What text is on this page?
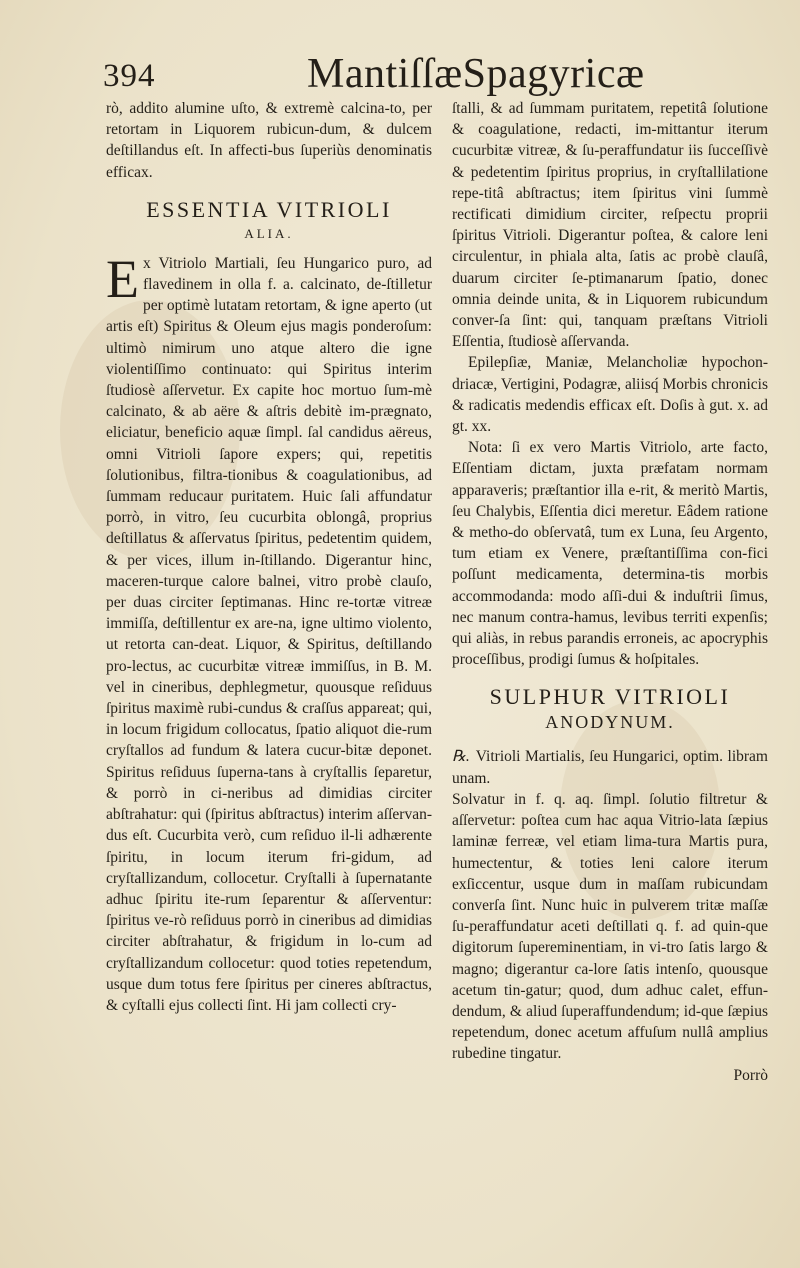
394	MantiſſæSpagyricæ

rò, addito alumine uſto, & extremè calcina-to, per retortam in Liquorem rubicun-dum, & dulcem deſtillandus eſt. In affecti-bus ſuperiùs denominatis efficax.

ESSENTIA VITRIOLI
ALIA.

E x Vitriolo Martiali, ſeu Hungarico puro, ad flavedinem in olla f. a. calcinato, de-ſtilletur per optimè lutatam retortam, & igne aperto (ut artis eſt) Spiritus & Oleum ejus magis ponderoſum: ultimò nimirum uno atque altero die igne violentiſſimo continuato: qui Spiritus interim ſtudiosè aſſervetur. Ex capite hoc mortuo ſum-mè calcinato, & ab aëre & aſtris debitè im-prægnato, eliciatur, beneficio aquæ ſimpl. ſal candidus aëreus, omni Vitrioli ſapore expers; qui, repetitis ſolutionibus, filtra-tionibus & coagulationibus, ad ſummam reducaur puritatem. Huic ſali affundatur porrò, in vitro, ſeu cucurbita oblongâ, proprius deſtillatus & aſſervatus ſpiritus, pedetentim quidem, & per vices, illum in-ſtillando. Digerantur hinc, maceren-turque calore balnei, vitro probè clauſo, per duas circiter ſeptimanas. Hinc re-tortæ vitreæ immiſſa, deſtillentur ex are-na, igne ultimo violento, ut retorta can-deat. Liquor, & Spiritus, deſtillando pro-lectus, ac cucurbitæ vitreæ immiſſus, in B. M. vel in cineribus, dephlegmetur, quousque reſiduus ſpiritus maximè rubi-cundus & craſſus appareat; qui, in locum frigidum collocatus, ſpatio aliquot die-rum cryſtallos ad fundum & latera cucur-bitæ deponet. Spiritus reſiduus ſuperna-tans à cryſtallis ſeparetur, & porrò in ci-neribus ad dimidias circiter abſtrahatur: qui (ſpiritus abſtractus) interim aſſervan-dus eſt. Cucurbita verò, cum reſiduo il-li adhærente ſpiritu, in locum iterum fri-gidum, ad cryſtallizandum, collocetur. Cryſtalli à ſupernatante adhuc ſpiritu ite-rum ſeparentur & aſſerventur: ſpiritus ve-rò reſiduus porrò in cineribus ad dimidias circiter abſtrahatur, & frigidum in lo-cum ad cryſtallizandum collocetur: quod toties repetendum, usque dum totus fere ſpiritus per cineres abſtractus, & cyſtalli ejus collecti ſint. Hi jam collecti cry-

ſtalli, & ad ſummam puritatem, repetitâ ſolutione & coagulatione, redacti, im-mittantur iterum cucurbitæ vitreæ, & ſu-peraffundatur iis ſucceſſivè & pedetentim ſpiritus proprius, in cryſtallilatione repe-titâ abſtractus; item ſpiritus vini ſummè rectificati dimidium circiter, reſpectu proprii ſpiritus Vitrioli. Digerantur poſtea, & calore leni circulentur, in phiala alta, ſatis ac probè clauſâ, duarum circiter ſe-ptimanarum ſpatio, donec omnia deinde unita, & in Liquorem rubicundum conver-ſa ſint: qui, tanquam præſtans Vitrioli Eſſentia, ſtudiosè aſſervanda.

Epilepſiæ, Maniæ, Melancholiæ hypochon-driacæ, Vertigini, Podagræ, aliisq́ Morbis chronicis & radicatis medendis efficax eſt. Doſis à gut. x. ad gt. xx.

Nota: ſi ex vero Martis Vitriolo, arte facto, Eſſentiam dictam, juxta præfatam normam apparaveris; præſtantior illa e-rit, & meritò Martis, ſeu Chalybis, Eſſentia dici meretur. Eâdem ratione & metho-do obſervatâ, tum ex Luna, ſeu Argento, tum etiam ex Venere, præſtantiſſima con-fici poſſunt medicamenta, determina-tis morbis accommodanda: modo aſſi-dui & induſtrii ſimus, nec manum contra-hamus, levibus territi expenſis; qui aliàs, in rebus parandis erroneis, ac apocryphis proceſſibus, prodigi ſumus & hoſpitales.

SULPHUR VITRIOLI
ANODYNUM.

℞. Vitrioli Martialis, ſeu Hungarici, optim. libram unam.

Solvatur in f. q. aq. ſimpl. ſolutio filtretur & aſſervetur: poſtea cum hac aqua Vitrio-lata ſæpius laminæ ferreæ, vel etiam lima-tura Martis pura, humectentur, & toties leni calore iterum exſiccentur, usque dum in maſſam rubicundam converſa ſint. Nunc huic in pulverem tritæ maſſæ ſu-peraffundatur aceti deſtillati q. f. ad quin-que digitorum ſupereminentiam, in vi-tro ſatis largo & magno; digerantur ca-lore ſatis intenſo, quousque acetum tin-gatur; quod, dum adhuc calet, effun-dendum, & aliud ſuperaffundendum; id-que ſæpius repetendum, donec acetum affuſum nullâ amplius rubedine tingatur.

Porrò
